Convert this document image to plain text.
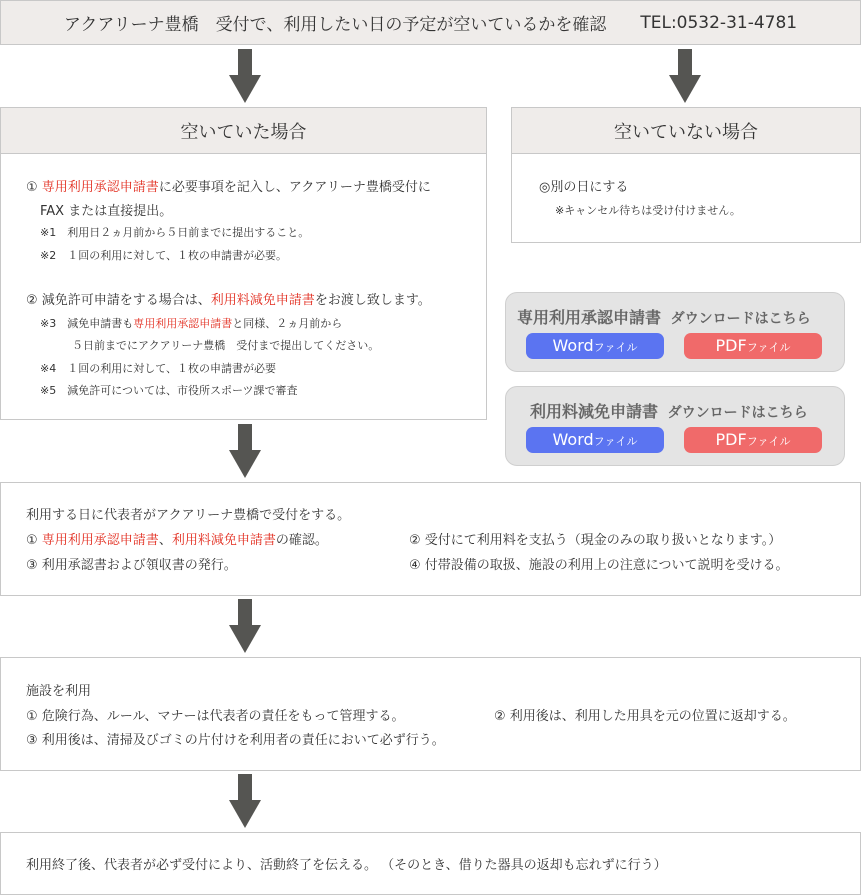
アクアリーナ豊橋　受付で、利用したい日の予定が空いているかを確認 TEL:0532-31-4781
空いていた場合
① 専用利用承認申請書に必要事項を記入し、アクアリーナ豊橋受付に
FAX または直接提出。
※1　利用日２ヵ月前から５日前までに提出すること。
※2　１回の利用に対して、１枚の申請書が必要。
② 減免許可申請をする場合は、利用料減免申請書をお渡し致します。
※3　減免申請書も専用利用承認申請書と同様、２ヵ月前から
５日前までにアクアリーナ豊橋　受付まで提出してください。
※4　１回の利用に対して、１枚の申請書が必要
※5　減免許可については、市役所スポーツ課で審査
空いていない場合
◎別の日にする
※キャンセル待ちは受け付けません。
専用利用承認申請書 ダウンロードはこちら
Word ファイル	PDF ファイル
利用料減免申請書 ダウンロードはこちら
Word ファイル	PDF ファイル
利用する日に代表者がアクアリーナ豊橋で受付をする。
① 専用利用承認申請書、利用料減免申請書の確認。	② 受付にて利用料を支払う（現金のみの取り扱いとなります。）
③ 利用承認書および領収書の発行。	④ 付帯設備の取扱、施設の利用上の注意について説明を受ける。
施設を利用
① 危険行為、ルール、マナーは代表者の責任をもって管理する。	② 利用後は、利用した用具を元の位置に返却する。
③ 利用後は、清掃及びゴミの片付けを利用者の責任において必ず行う。
利用終了後、代表者が必ず受付により、活動終了を伝える。 （そのとき、借りた器具の返却も忘れずに行う）
